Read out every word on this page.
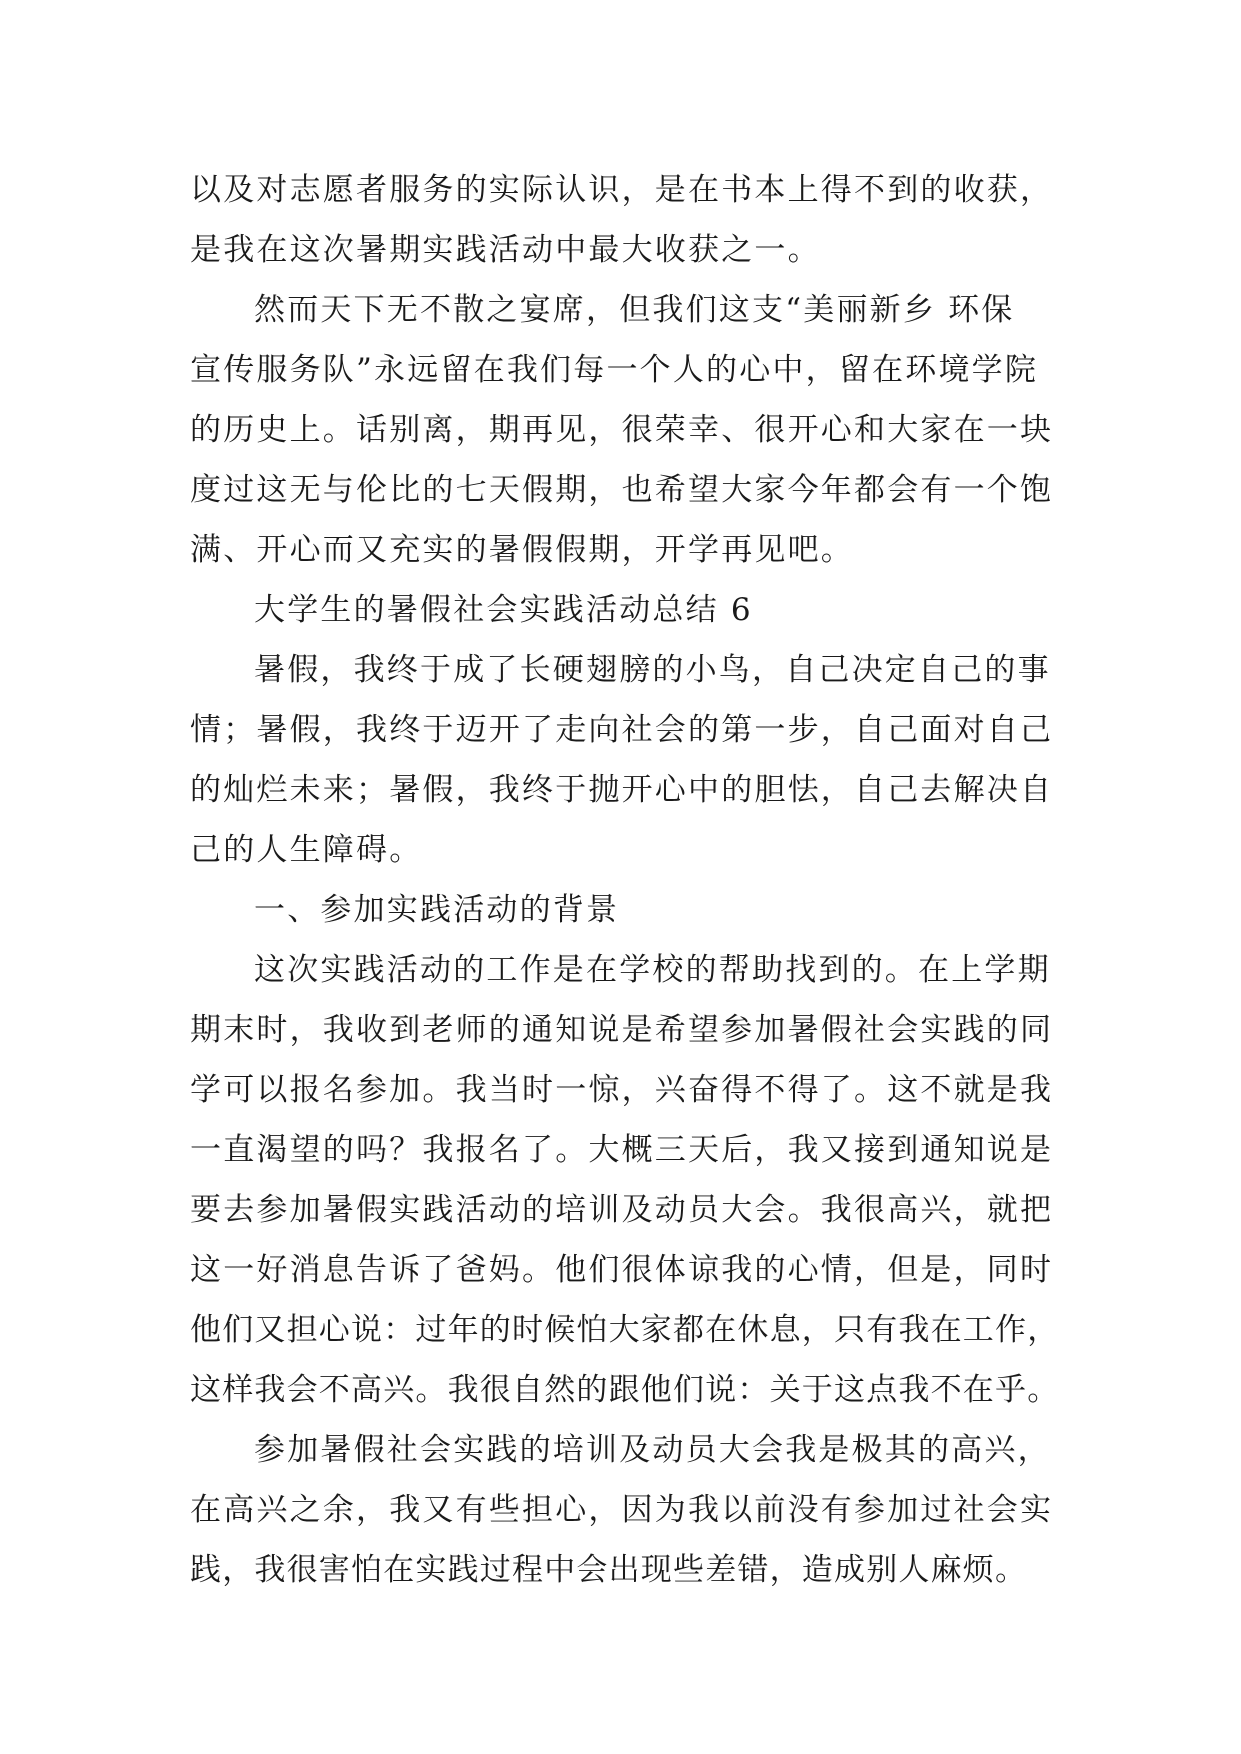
以及对志愿者服务的实际认识，是在书本上得不到的收获，
是我在这次暑期实践活动中最大收获之一。
然而天下无不散之宴席，但我们这支“美丽新乡 环保
宣传服务队”永远留在我们每一个人的心中，留在环境学院
的历史上。话别离，期再见，很荣幸、很开心和大家在一块
度过这无与伦比的七天假期，也希望大家今年都会有一个饱
满、开心而又充实的暑假假期，开学再见吧。
大学生的暑假社会实践活动总结 6
暑假，我终于成了长硬翅膀的小鸟，自己决定自己的事
情；暑假，我终于迈开了走向社会的第一步，自己面对自己
的灿烂未来；暑假，我终于抛开心中的胆怯，自己去解决自
己的人生障碍。
一、参加实践活动的背景
这次实践活动的工作是在学校的帮助找到的。在上学期
期末时，我收到老师的通知说是希望参加暑假社会实践的同
学可以报名参加。我当时一惊，兴奋得不得了。这不就是我
一直渴望的吗？我报名了。大概三天后，我又接到通知说是
要去参加暑假实践活动的培训及动员大会。我很高兴，就把
这一好消息告诉了爸妈。他们很体谅我的心情，但是，同时
他们又担心说：过年的时候怕大家都在休息，只有我在工作，
这样我会不高兴。我很自然的跟他们说：关于这点我不在乎。
参加暑假社会实践的培训及动员大会我是极其的高兴，
在高兴之余，我又有些担心，因为我以前没有参加过社会实
践，我很害怕在实践过程中会出现些差错，造成别人麻烦。
